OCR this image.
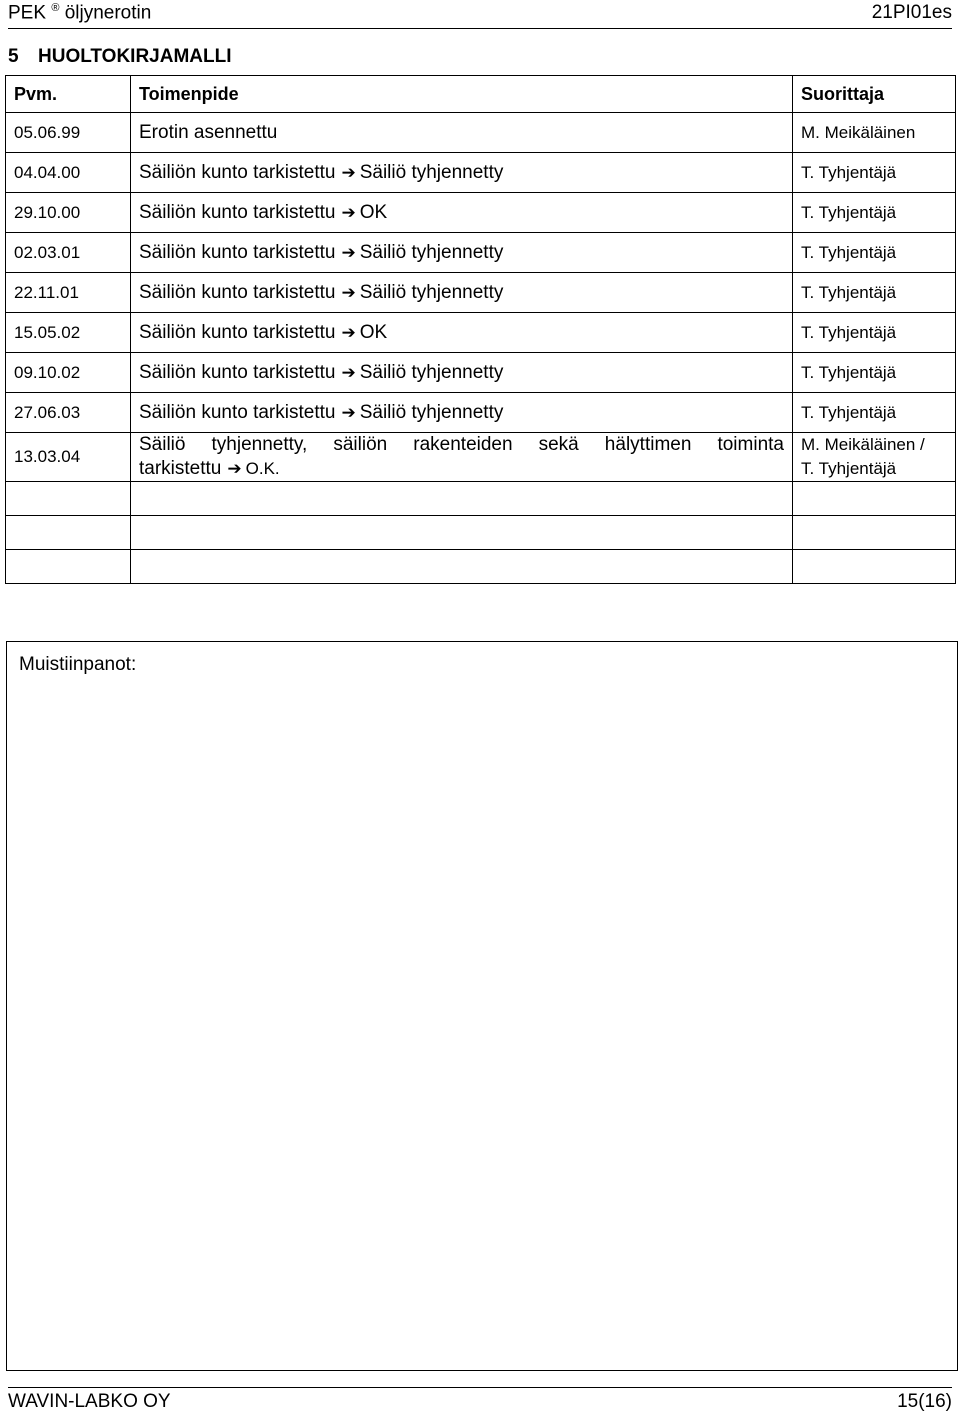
PEK ® öljynerotin	21PI01es
5 HUOLTOKIRJAMALLI
Pvm.	Toimenpide	Suorittaja
05.06.99	Erotin asennettu	M. Meikäläinen
04.04.00	Säiliön kunto tarkistettu ➔ Säiliö tyhjennetty	T. Tyhjentäjä
29.10.00	Säiliön kunto tarkistettu ➔ OK	T. Tyhjentäjä
02.03.01	Säiliön kunto tarkistettu ➔ Säiliö tyhjennetty	T. Tyhjentäjä
22.11.01	Säiliön kunto tarkistettu ➔ Säiliö tyhjennetty	T. Tyhjentäjä
15.05.02	Säiliön kunto tarkistettu ➔ OK	T. Tyhjentäjä
09.10.02	Säiliön kunto tarkistettu ➔ Säiliö tyhjennetty	T. Tyhjentäjä
27.06.03	Säiliön kunto tarkistettu ➔ Säiliö tyhjennetty	T. Tyhjentäjä
13.03.04	Säiliö tyhjennetty, säiliön rakenteiden sekä hälyttimen toiminta tarkistettu ➔ O.K.	M. Meikäläinen /
T. Tyhjentäjä

Muistiinpanot:
WAVIN-LABKO OY	15(16)
